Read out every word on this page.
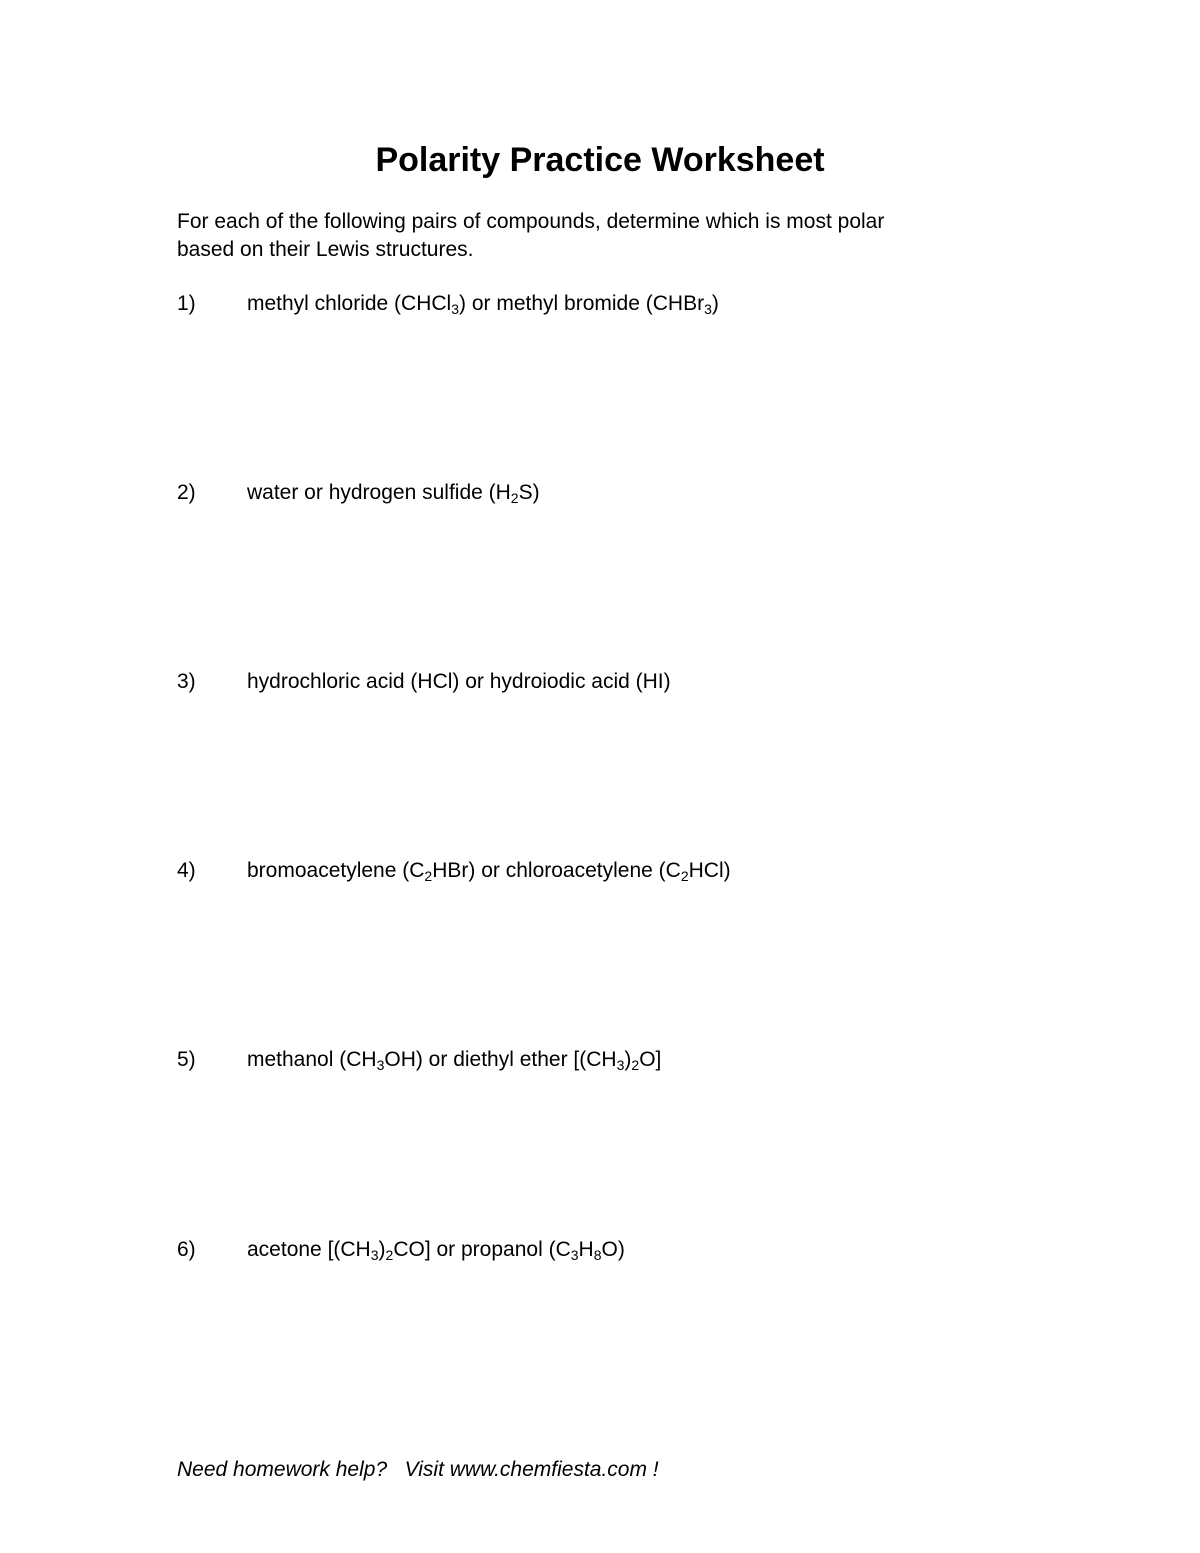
Polarity Practice Worksheet
For each of the following pairs of compounds, determine which is most polar
based on their Lewis structures.
1) methyl chloride (CHCl$_3$) or methyl bromide (CHBr$_3$)
2) water or hydrogen sulfide $(H_2S)$
3) hydrochloric acid (HCl) or hydroiodic acid (HI)
4) bromoacetylene $(C_2HBr)$ or chloroacetylene $(C_2HCl)$
5) methanol $(CH_3OH)$ or diethyl ether $[(CH_3)_2O]$
6) acetone $[(CH_3)_2CO]$ or propanol $(C_3H_8O)$
Need homework help?   Visit www.chemfiesta.com !
